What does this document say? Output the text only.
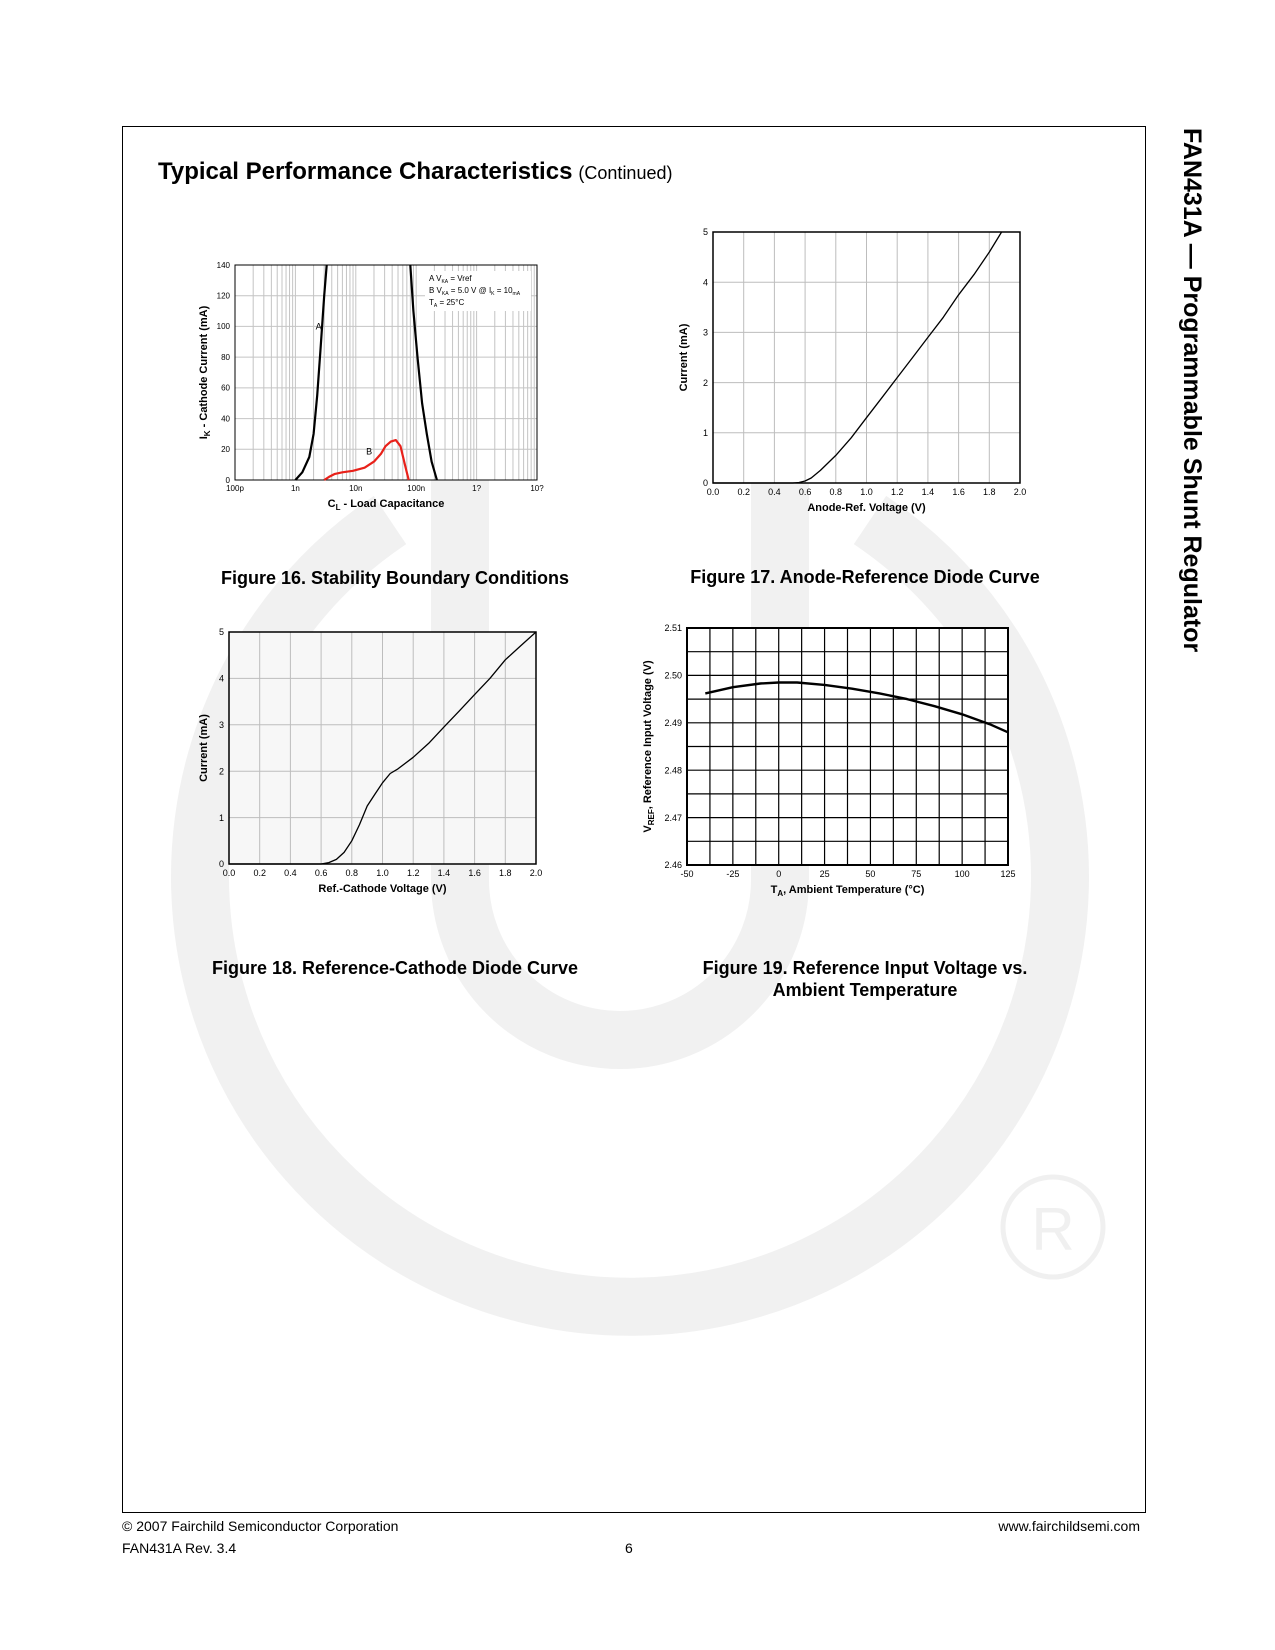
R
FAN431A — Programmable Shunt Regulator
Typical Performance Characteristics (Continued)
100p	1n	10n	100n	1?	10?
0
20
40
60
80
100
120
140
$C_L$ - Load Capacitance
$I_K$ - Cathode Current (mA)	A
B
A $V_{KA}$ = Vref
B $V_{KA} = 5.0$ V @ $I_K = 10_{mA}$
$T_A = 25^\circ C$
Figure 16. Stability Boundary Conditions
0.0 0.2 0.4 0.6 0.8 1.0 1.2 1.4 1.6 1.8 2.0
0
1
2
3
4
5
Anode-Ref. Voltage (V)
Current (mA)
Figure 17. Anode-Reference Diode Curve
0.0 0.2 0.4 0.6 0.8 1.0 1.2 1.4 1.6 1.8 2.0
0
1
2
3
4
5
Ref.-Cathode Voltage (V)
Current (mA)
Figure 18. Reference-Cathode Diode Curve
-50	-25	0	25	50	75	100	125
2.46
2.47
2.48
2.49
2.50
2.51
$T_A$, Ambient Temperature (°C)
$V_{REF}$, Reference Input Voltage (V)
Figure 19. Reference Input Voltage vs.
Ambient Temperature
© 2007 Fairchild Semiconductor Corporation
FAN431A Rev. 3.4	6
www.fairchildsemi.com
